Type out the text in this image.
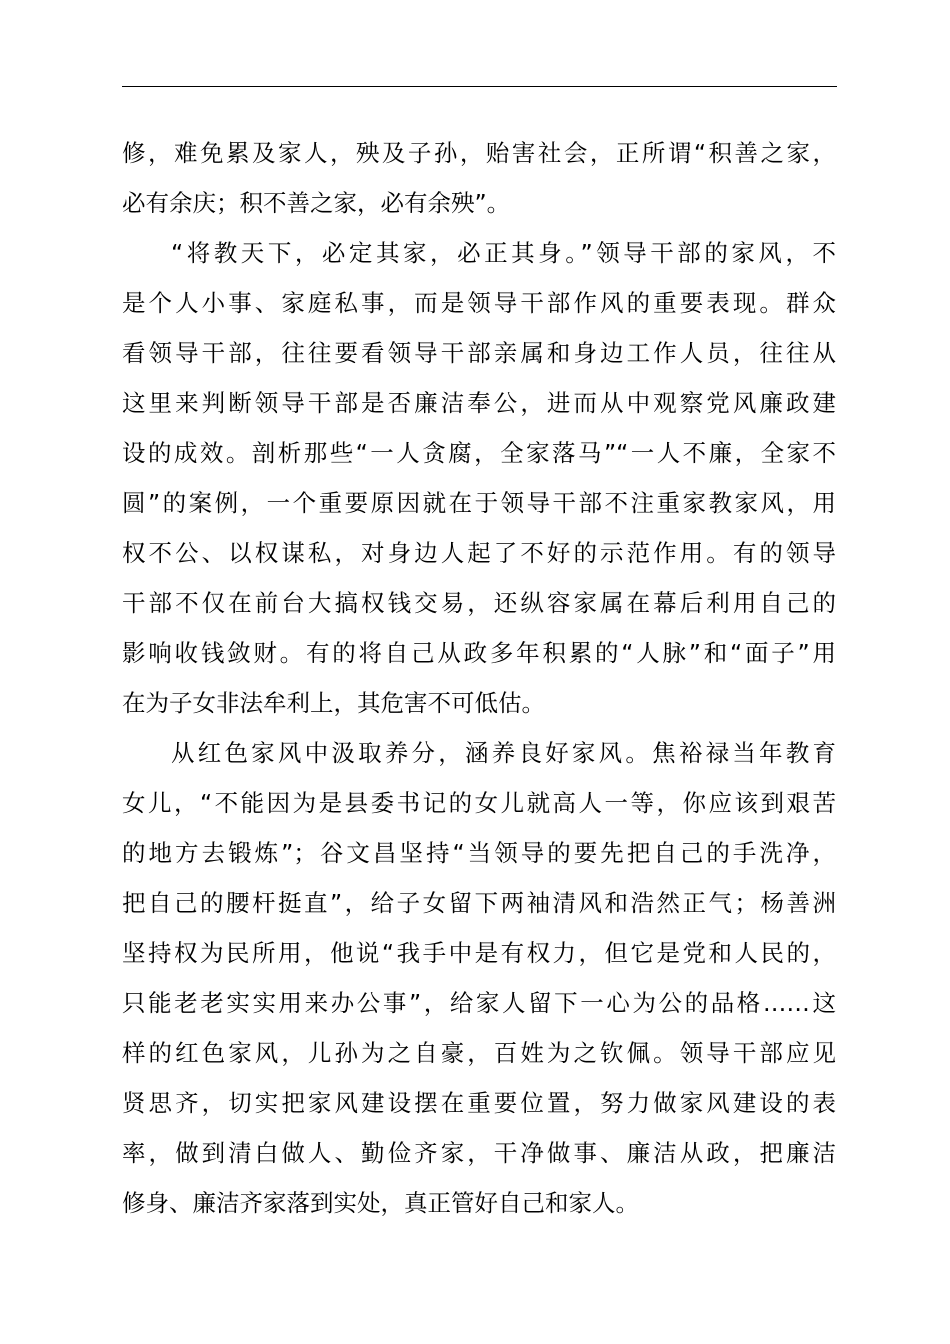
修，难免累及家人，殃及子孙，贻害社会，正所谓“积善之家，
必有余庆；积不善之家，必有余殃”。
“将教天下，必定其家，必正其身。”领导干部的家风，不
是个人小事、家庭私事，而是领导干部作风的重要表现。群众
看领导干部，往往要看领导干部亲属和身边工作人员，往往从
这里来判断领导干部是否廉洁奉公，进而从中观察党风廉政建
设的成效。剖析那些“一人贪腐，全家落马”“一人不廉，全家不
圆”的案例，一个重要原因就在于领导干部不注重家教家风，用
权不公、以权谋私，对身边人起了不好的示范作用。有的领导
干部不仅在前台大搞权钱交易，还纵容家属在幕后利用自己的
影响收钱敛财。有的将自己从政多年积累的“人脉”和“面子”用
在为子女非法牟利上，其危害不可低估。
从红色家风中汲取养分，涵养良好家风。焦裕禄当年教育
女儿，“不能因为是县委书记的女儿就高人一等，你应该到艰苦
的地方去锻炼”；谷文昌坚持“当领导的要先把自己的手洗净，
把自己的腰杆挺直”，给子女留下两袖清风和浩然正气；杨善洲
坚持权为民所用，他说“我手中是有权力，但它是党和人民的，
只能老老实实用来办公事”，给家人留下一心为公的品格……这
样的红色家风，儿孙为之自豪，百姓为之钦佩。领导干部应见
贤思齐，切实把家风建设摆在重要位置，努力做家风建设的表
率，做到清白做人、勤俭齐家，干净做事、廉洁从政，把廉洁
修身、廉洁齐家落到实处，真正管好自己和家人。
